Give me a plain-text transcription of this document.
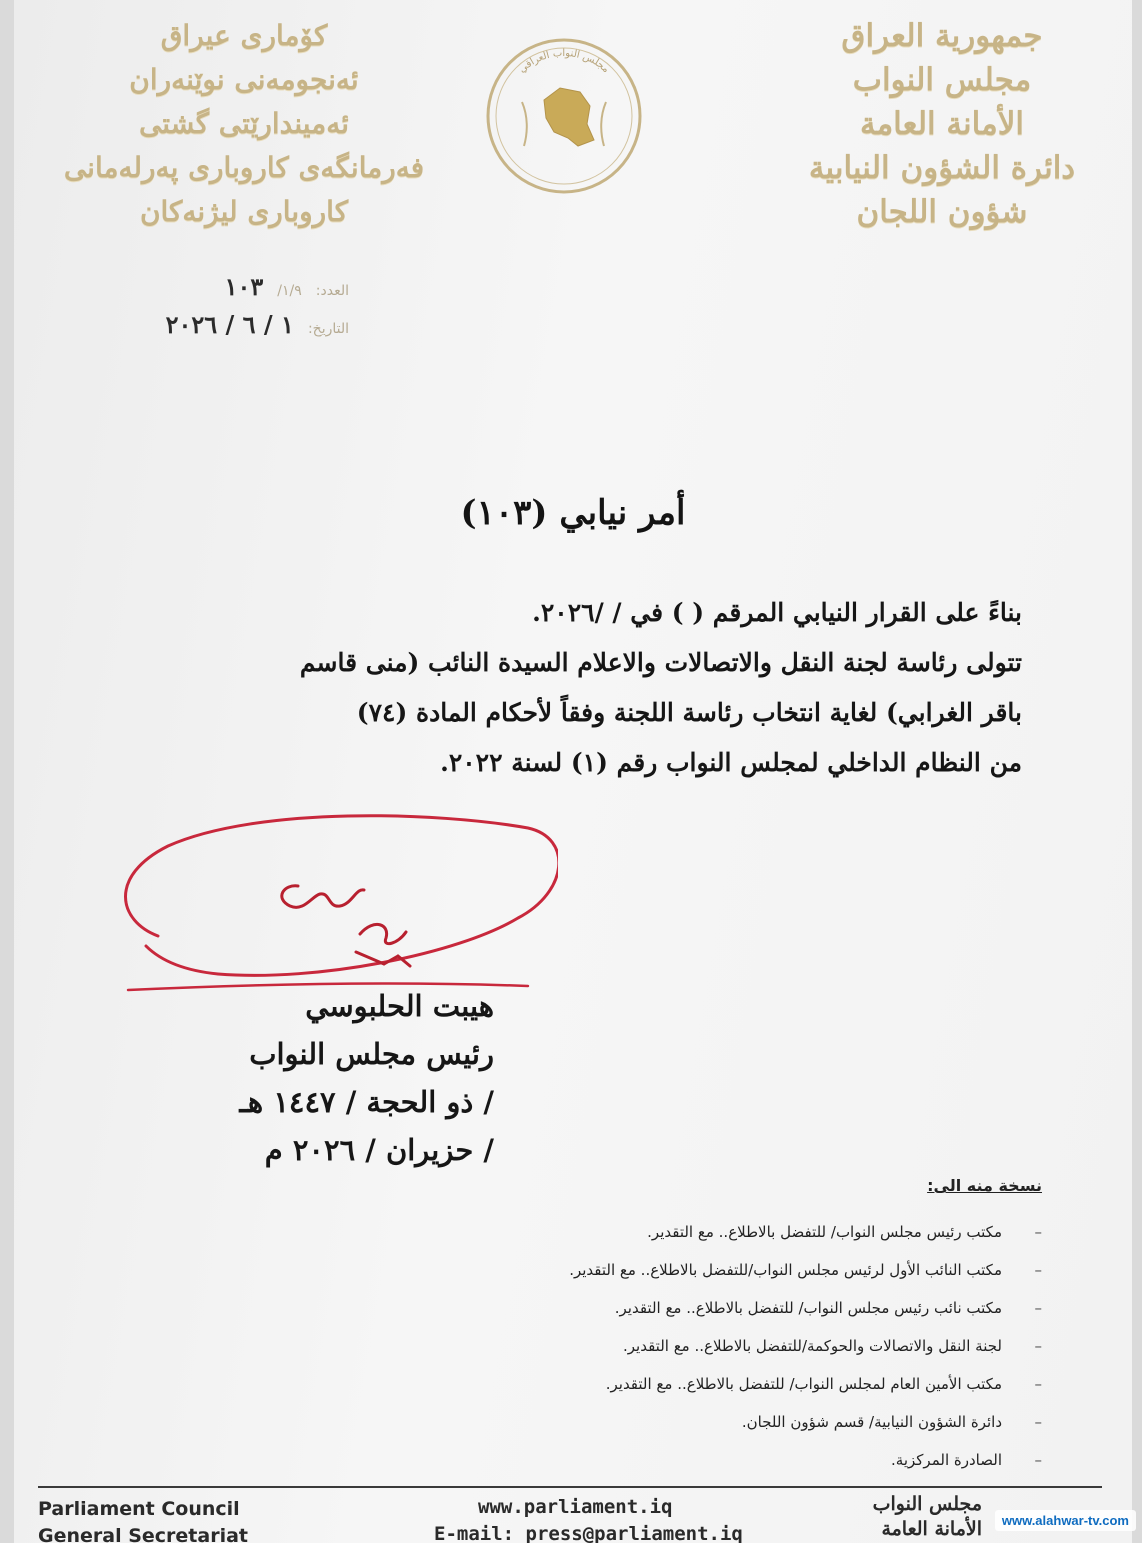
جمهورية العراق
مجلس النواب
الأمانة العامة
دائرة الشؤون النيابية
شؤون اللجان
كۆماری عیراق
ئەنجومەنی نوێنەران
ئەمیندارێتی گشتی
فەرمانگەی کاروباری پەرلەمانی
کاروباری لیژنەکان
مجلس النواب العراقي
العدد:
١/٩/
١٠٣
التاريخ:
١ / ٦ / ٢٠٢٦
أمر نيابي (١٠٣)

بناءً على القرار النيابي المرقم ( ) في / /٢٠٢٦.

تتولى رئاسة لجنة النقل والاتصالات والاعلام السيدة النائب (منى قاسم

باقر الغرابي) لغاية انتخاب رئاسة اللجنة وفقاً لأحكام المادة (٧٤)

من النظام الداخلي لمجلس النواب رقم (١) لسنة ٢٠٢٢.

هيبت الحلبوسي
رئيس مجلس النواب
/ ذو الحجة / ١٤٤٧ هـ
/ حزيران / ٢٠٢٦ م
نسخة منه الى:
– مكتب رئيس مجلس النواب/ للتفضل بالاطلاع.. مع التقدير.
– مكتب النائب الأول لرئيس مجلس النواب/للتفضل بالاطلاع.. مع التقدير.
– مكتب نائب رئيس مجلس النواب/ للتفضل بالاطلاع.. مع التقدير.
– لجنة النقل والاتصالات والحوكمة/للتفضل بالاطلاع.. مع التقدير.
– مكتب الأمين العام لمجلس النواب/ للتفضل بالاطلاع.. مع التقدير.
– دائرة الشؤون النيابية/ قسم شؤون اللجان.
– الصادرة المركزية.
Parliament Council
General Secretariat
www.parliament.iq
E-mail: press@parliament.iq
مجلس النواب
الأمانة العامة	www.alahwar-tv.com
